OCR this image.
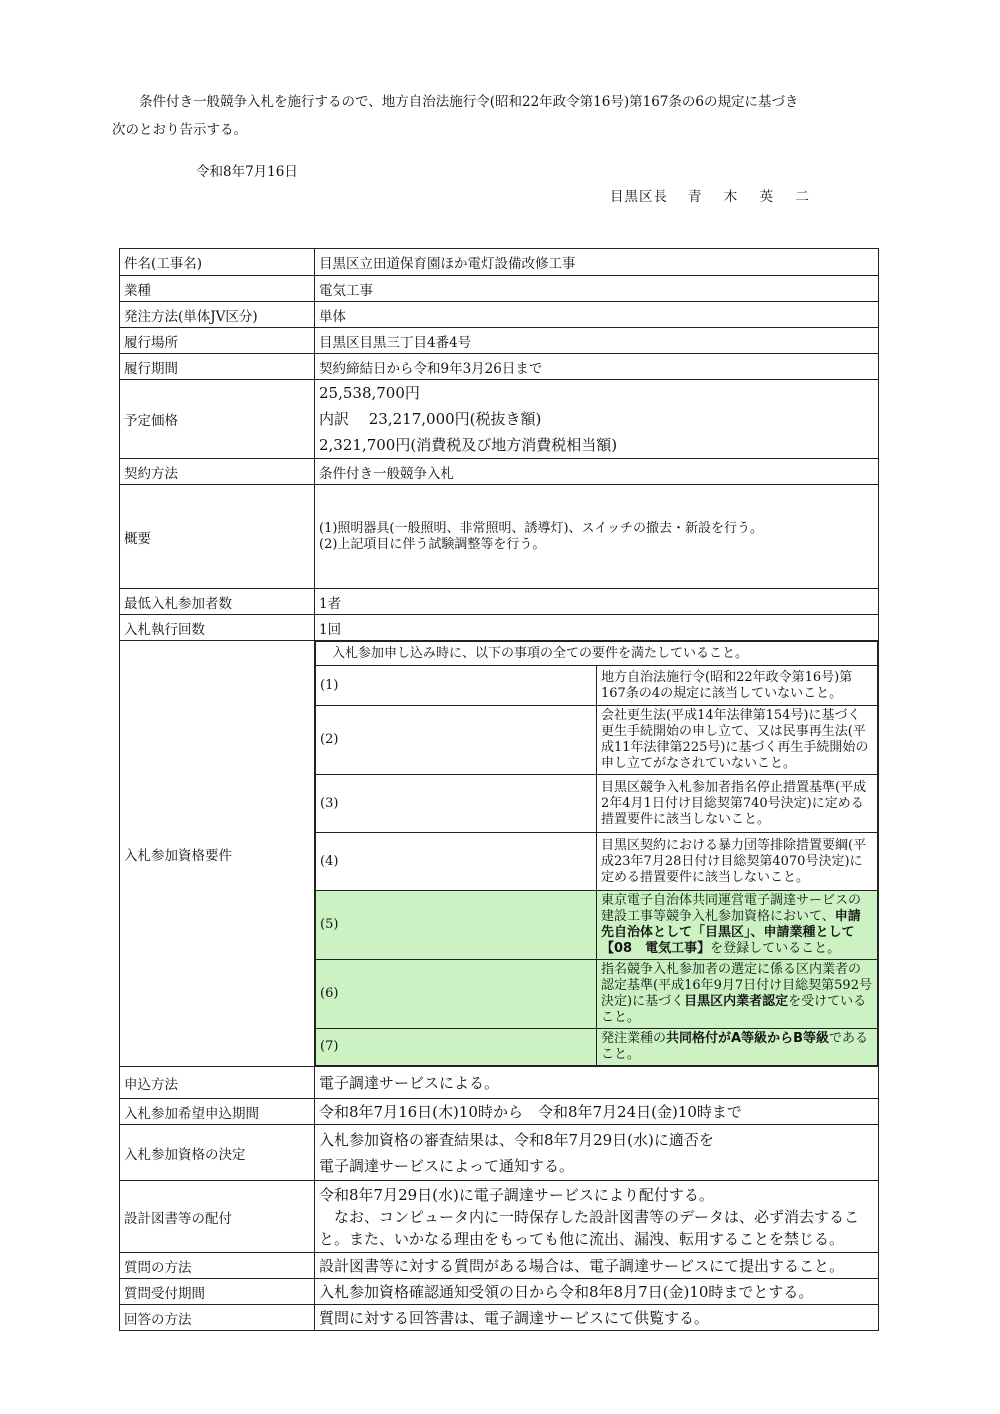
条件付き一般競争入札を施行するので、地方自治法施行令(昭和22年政令第16号)第167条の6の規定に基づき

次のとおり告示する。

令和8年7月16日
目黒区長 青 木 英 二
件名(工事名)	目黒区立田道保育園ほか電灯設備改修工事
業種	電気工事
発注方法(単体JV区分)	単体
履行場所	目黒区目黒三丁目4番4号
履行期間	契約締結日から令和9年3月26日まで
予定価格	
25,538,700円
内訳　 23,217,000円(税抜き額)
2,321,700円(消費税及び地方消費税相当額)

契約方法	条件付き一般競争入札
概要	
(1)照明器具(一般照明、非常照明、誘導灯)、スイッチの撤去・新設を行う。
(2)上記項目に伴う試験調整等を行う。

最低入札参加者数	1者
入札執行回数	1回
入札参加資格要件	
入札参加申し込み時に、以下の事項の全ての要件を満たしていること。
(1)	地方自治法施行令(昭和22年政令第16号)第167条の4の規定に該当していないこと。
(2)	会社更生法(平成14年法律第154号)に基づく更生手続開始の申し立て、又は民事再生法(平成11年法律第225号)に基づく再生手続開始の申し立てがなされていないこと。
(3)	目黒区競争入札参加者指名停止措置基準(平成2年4月1日付け目総契第740号決定)に定める措置要件に該当しないこと。
(4)	目黒区契約における暴力団等排除措置要綱(平成23年7月28日付け目総契第4070号決定)に定める措置要件に該当しないこと。
(5)	東京電子自治体共同運営電子調達サービスの建設工事等競争入札参加資格において、申請先自治体として「目黒区」、申請業種として【08　電気工事】を登録していること。
(6)	指名競争入札参加者の選定に係る区内業者の認定基準(平成16年9月7日付け目総契第592号決定)に基づく目黒区内業者認定を受けていること。
(7)	発注業種の共同格付がA等級からB等級であること。

申込方法	電子調達サービスによる。
入札参加希望申込期間	令和8年7月16日(木)10時から　令和8年7月24日(金)10時まで
入札参加資格の決定	
入札参加資格の審査結果は、令和8年7月29日(水)に適否を
電子調達サービスによって通知する。

設計図書等の配付	
令和8年7月29日(水)に電子調達サービスにより配付する。
なお、コンピュータ内に一時保存した設計図書等のデータは、必ず消去すること。また、いかなる理由をもっても他に流出、漏洩、転用することを禁じる。

質問の方法	設計図書等に対する質問がある場合は、電子調達サービスにて提出すること。
質問受付期間	入札参加資格確認通知受領の日から令和8年8月7日(金)10時までとする。
回答の方法	質問に対する回答書は、電子調達サービスにて供覧する。
